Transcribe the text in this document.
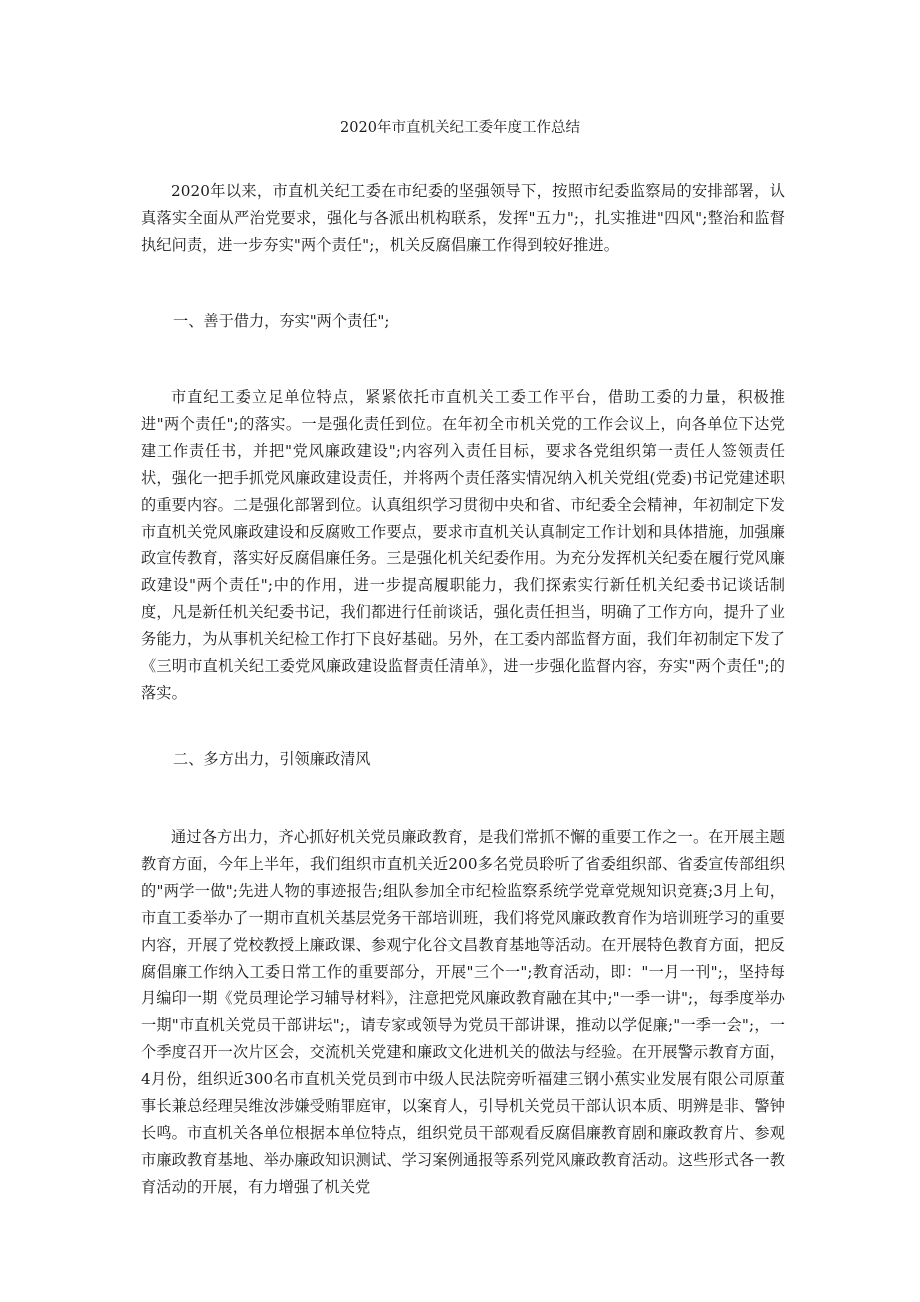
2020年市直机关纪工委年度工作总结

2020年以来，市直机关纪工委在市纪委的坚强领导下，按照市纪委监察局的安排部署，认真落实全面从严治党要求，强化与各派出机构联系，发挥"五力";，扎实推进"四风";整治和监督执纪问责，进一步夯实"两个责任";，机关反腐倡廉工作得到较好推进。

一、善于借力，夯实"两个责任";

市直纪工委立足单位特点，紧紧依托市直机关工委工作平台，借助工委的力量，积极推进"两个责任";的落实。一是强化责任到位。在年初全市机关党的工作会议上，向各单位下达党建工作责任书，并把"党风廉政建设";内容列入责任目标，要求各党组织第一责任人签领责任状，强化一把手抓党风廉政建设责任，并将两个责任落实情况纳入机关党组(党委)书记党建述职的重要内容。二是强化部署到位。认真组织学习贯彻中央和省、市纪委全会精神，年初制定下发市直机关党风廉政建设和反腐败工作要点，要求市直机关认真制定工作计划和具体措施，加强廉政宣传教育，落实好反腐倡廉任务。三是强化机关纪委作用。为充分发挥机关纪委在履行党风廉政建设"两个责任";中的作用，进一步提高履职能力，我们探索实行新任机关纪委书记谈话制度，凡是新任机关纪委书记，我们都进行任前谈话，强化责任担当，明确了工作方向，提升了业务能力，为从事机关纪检工作打下良好基础。另外，在工委内部监督方面，我们年初制定下发了《三明市直机关纪工委党风廉政建设监督责任清单》，进一步强化监督内容，夯实"两个责任";的落实。

二、多方出力，引领廉政清风

通过各方出力，齐心抓好机关党员廉政教育，是我们常抓不懈的重要工作之一。在开展主题教育方面，今年上半年，我们组织市直机关近200多名党员聆听了省委组织部、省委宣传部组织的"两学一做";先进人物的事迹报告;组队参加全市纪检监察系统学党章党规知识竞赛;3月上旬，市直工委举办了一期市直机关基层党务干部培训班，我们将党风廉政教育作为培训班学习的重要内容，开展了党校教授上廉政课、参观宁化谷文昌教育基地等活动。在开展特色教育方面，把反腐倡廉工作纳入工委日常工作的重要部分，开展"三个一";教育活动，即："一月一刊";，坚持每月编印一期《党员理论学习辅导材料》，注意把党风廉政教育融在其中;"一季一讲";，每季度举办一期"市直机关党员干部讲坛";，请专家或领导为党员干部讲课，推动以学促廉;"一季一会";，一个季度召开一次片区会，交流机关党建和廉政文化进机关的做法与经验。在开展警示教育方面，4月份，组织近300名市直机关党员到市中级人民法院旁听福建三钢小蕉实业发展有限公司原董事长兼总经理吴维汝涉嫌受贿罪庭审，以案育人，引导机关党员干部认识本质、明辨是非、警钟长鸣。市直机关各单位根据本单位特点，组织党员干部观看反腐倡廉教育剧和廉政教育片、参观市廉政教育基地、举办廉政知识测试、学习案例通报等系列党风廉政教育活动。这些形式各一教育活动的开展，有力增强了机关党
